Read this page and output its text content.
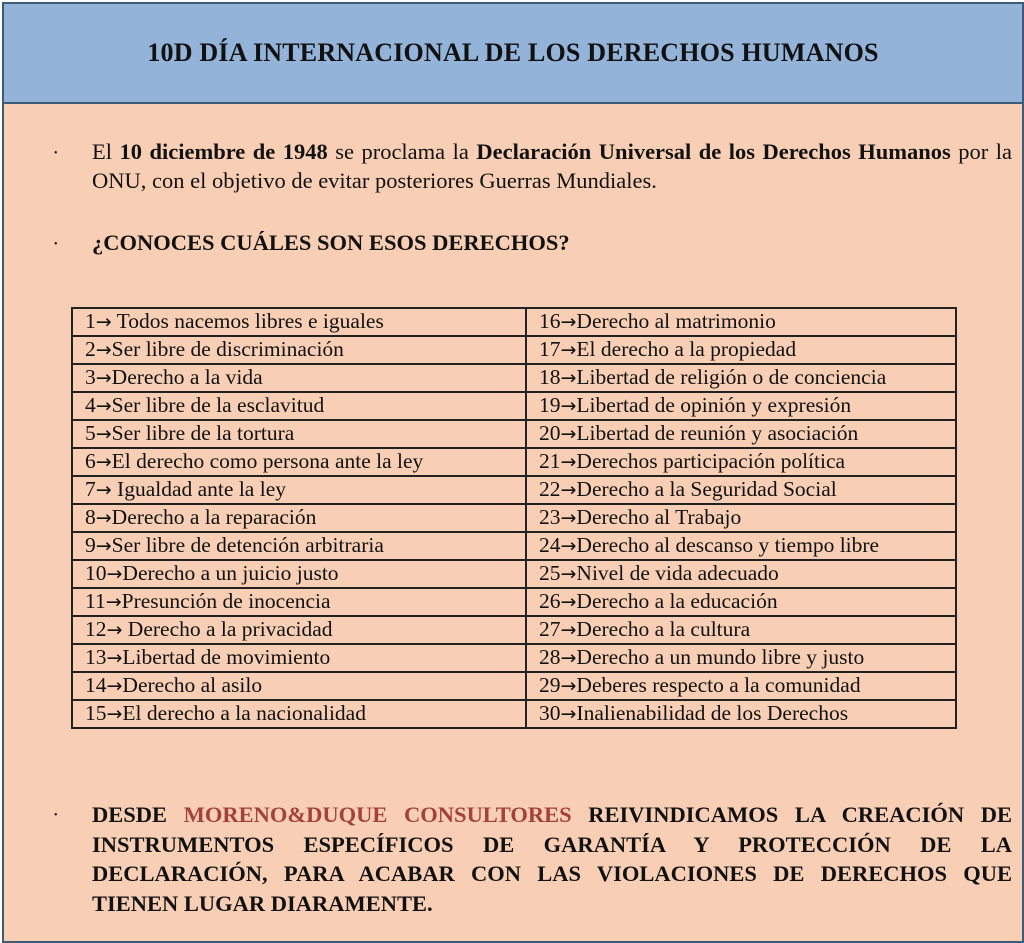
10D DÍA INTERNACIONAL DE LOS DERECHOS HUMANOS
• El 10 diciembre de 1948 se proclama la Declaración Universal de los Derechos Humanos por la ONU, con el objetivo de evitar posteriores Guerras Mundiales.
• ¿CONOCES CUÁLES SON ESOS DERECHOS?
1→ Todos nacemos libres e iguales	16→Derecho al matrimonio
2→Ser libre de discriminación	17→El derecho a la propiedad
3→Derecho a la vida	18→Libertad de religión o de conciencia
4→Ser libre de la esclavitud	19→Libertad de opinión y expresión
5→Ser libre de la tortura	20→Libertad de reunión y asociación
6→El derecho como persona ante la ley	21→Derechos participación política
7→ Igualdad ante la ley	22→Derecho a la Seguridad Social
8→Derecho a la reparación	23→Derecho al Trabajo
9→Ser libre de detención arbitraria	24→Derecho al descanso y tiempo libre
10→Derecho a un juicio justo	25→Nivel de vida adecuado
11→Presunción de inocencia	26→Derecho a la educación
12→ Derecho a la privacidad	27→Derecho a la cultura
13→Libertad de movimiento	28→Derecho a un mundo libre y justo
14→Derecho al asilo	29→Deberes respecto a la comunidad
15→El derecho a la nacionalidad	30→Inalienabilidad de los Derechos
• DESDE MORENO&DUQUE CONSULTORES REIVINDICAMOS LA CREACIÓN DE INSTRUMENTOS ESPECÍFICOS DE GARANTÍA Y PROTECCIÓN DE LA DECLARACIÓN, PARA ACABAR CON LAS VIOLACIONES DE DERECHOS QUE TIENEN LUGAR DIARAMENTE.
